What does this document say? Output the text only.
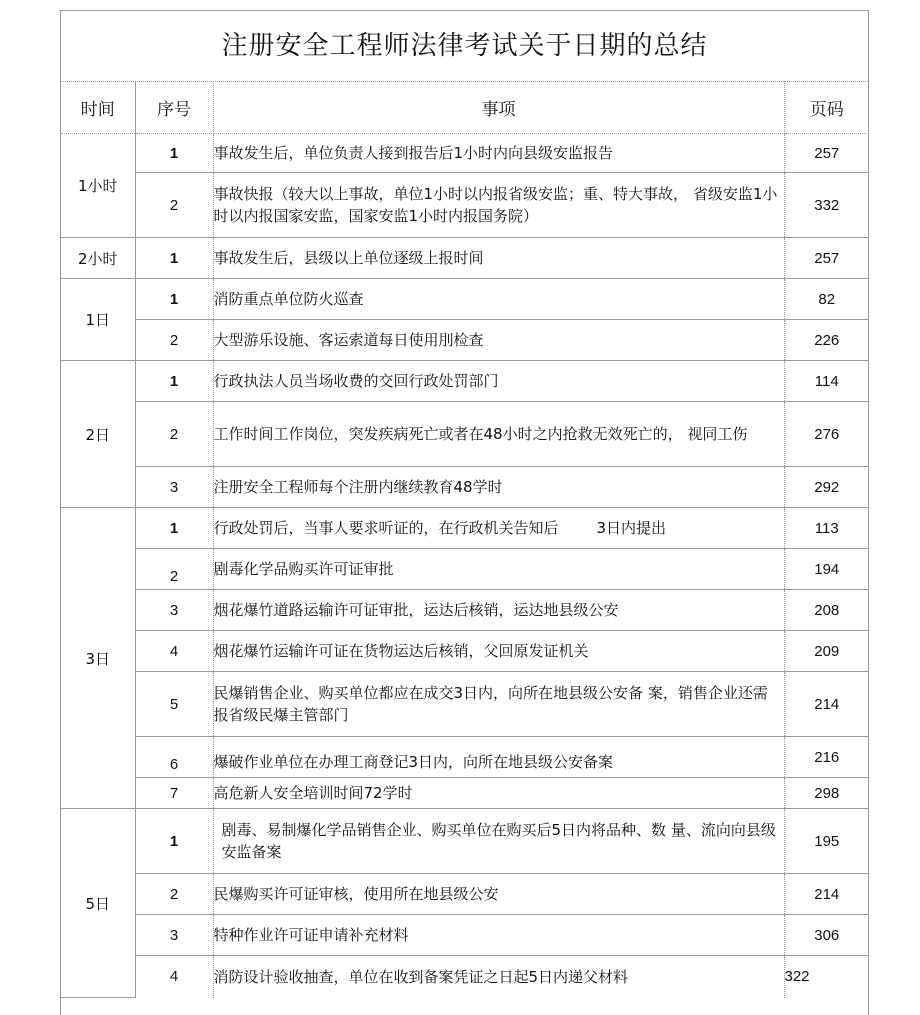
注册安全工程师法律考试关于日期的总结
时间	序号	事项	页码
1小时	1	事故发生后，单位负责人接到报告后1小时内向县级安监报告	257
	2	事故快报（较大以上事故，单位1小时以内报省级安监；重、特大事故， 省级安监1小时以内报国家安监，国家安监1小时内报国务院）	332
2小时	1	事故发生后，县级以上单位逐级上报时间	257
1日	1	消防重点单位防火巡查	82
	2	大型游乐设施、客运索道每日使用刖检查	226
2日	1	行政执法人员当场收费的交回行政处罚部门	114
	2	工作时间工作岗位，突发疾病死亡或者在48小时之内抢救无效死亡的， 视同工伤	276
	3	注册安全工程师每个注册内继续教育48学时	292
3日	1	行政处罚后，当事人要求听证的，在行政机关告知后 3日内提出	113
	2	剧毒化学品购买许可证审批	194
	3	烟花爆竹道路运输许可证审批，运达后核销，运达地县级公安	208
	4	烟花爆竹运输许可证在货物运达后核销，父回原发证机关	209
	5	民爆销售企业、购买单位都应在成交3日内，向所在地县级公安备 案，销售企业还需报省级民爆主管部门	214
	6	爆破作业单位在办理工商登记3日内，向所在地县级公安备案	216
	7	高危新人安全培训时间72学时	298
5日	1	剧毒、易制爆化学品销售企业、购买单位在购买后5日内将品种、数 量、流向向县级安监备案	195
	2	民爆购买许可证审核，使用所在地县级公安	214
	3	特种作业许可证申请补充材料	306
	4	消防设计验收抽查，单位在收到备案凭证之日起5日内递父材料	322
